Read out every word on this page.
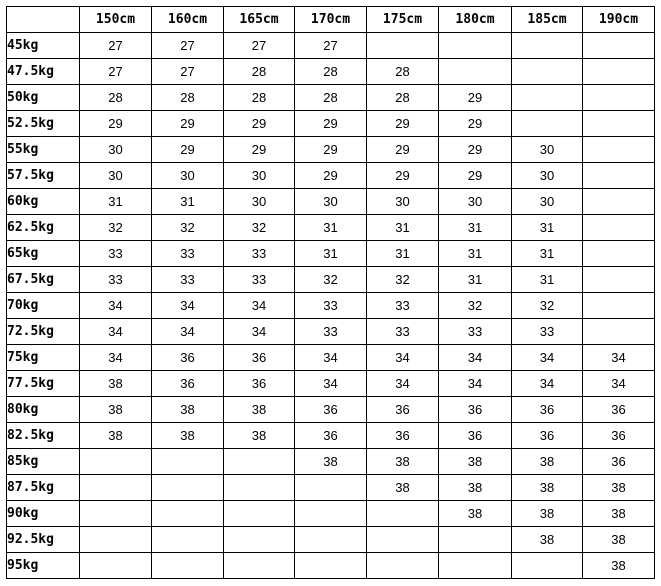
	150cm	160cm	165cm	170cm	175cm	180cm	185cm	190cm
45kg	27	27	27	27				
47.5kg	27	27	28	28	28			
50kg	28	28	28	28	28	29		
52.5kg	29	29	29	29	29	29		
55kg	30	29	29	29	29	29	30	
57.5kg	30	30	30	29	29	29	30	
60kg	31	31	30	30	30	30	30	
62.5kg	32	32	32	31	31	31	31	
65kg	33	33	33	31	31	31	31	
67.5kg	33	33	33	32	32	31	31	
70kg	34	34	34	33	33	32	32	
72.5kg	34	34	34	33	33	33	33	
75kg	34	36	36	34	34	34	34	34
77.5kg	38	36	36	34	34	34	34	34
80kg	38	38	38	36	36	36	36	36
82.5kg	38	38	38	36	36	36	36	36
85kg				38	38	38	38	36
87.5kg					38	38	38	38
90kg						38	38	38
92.5kg							38	38
95kg								38
